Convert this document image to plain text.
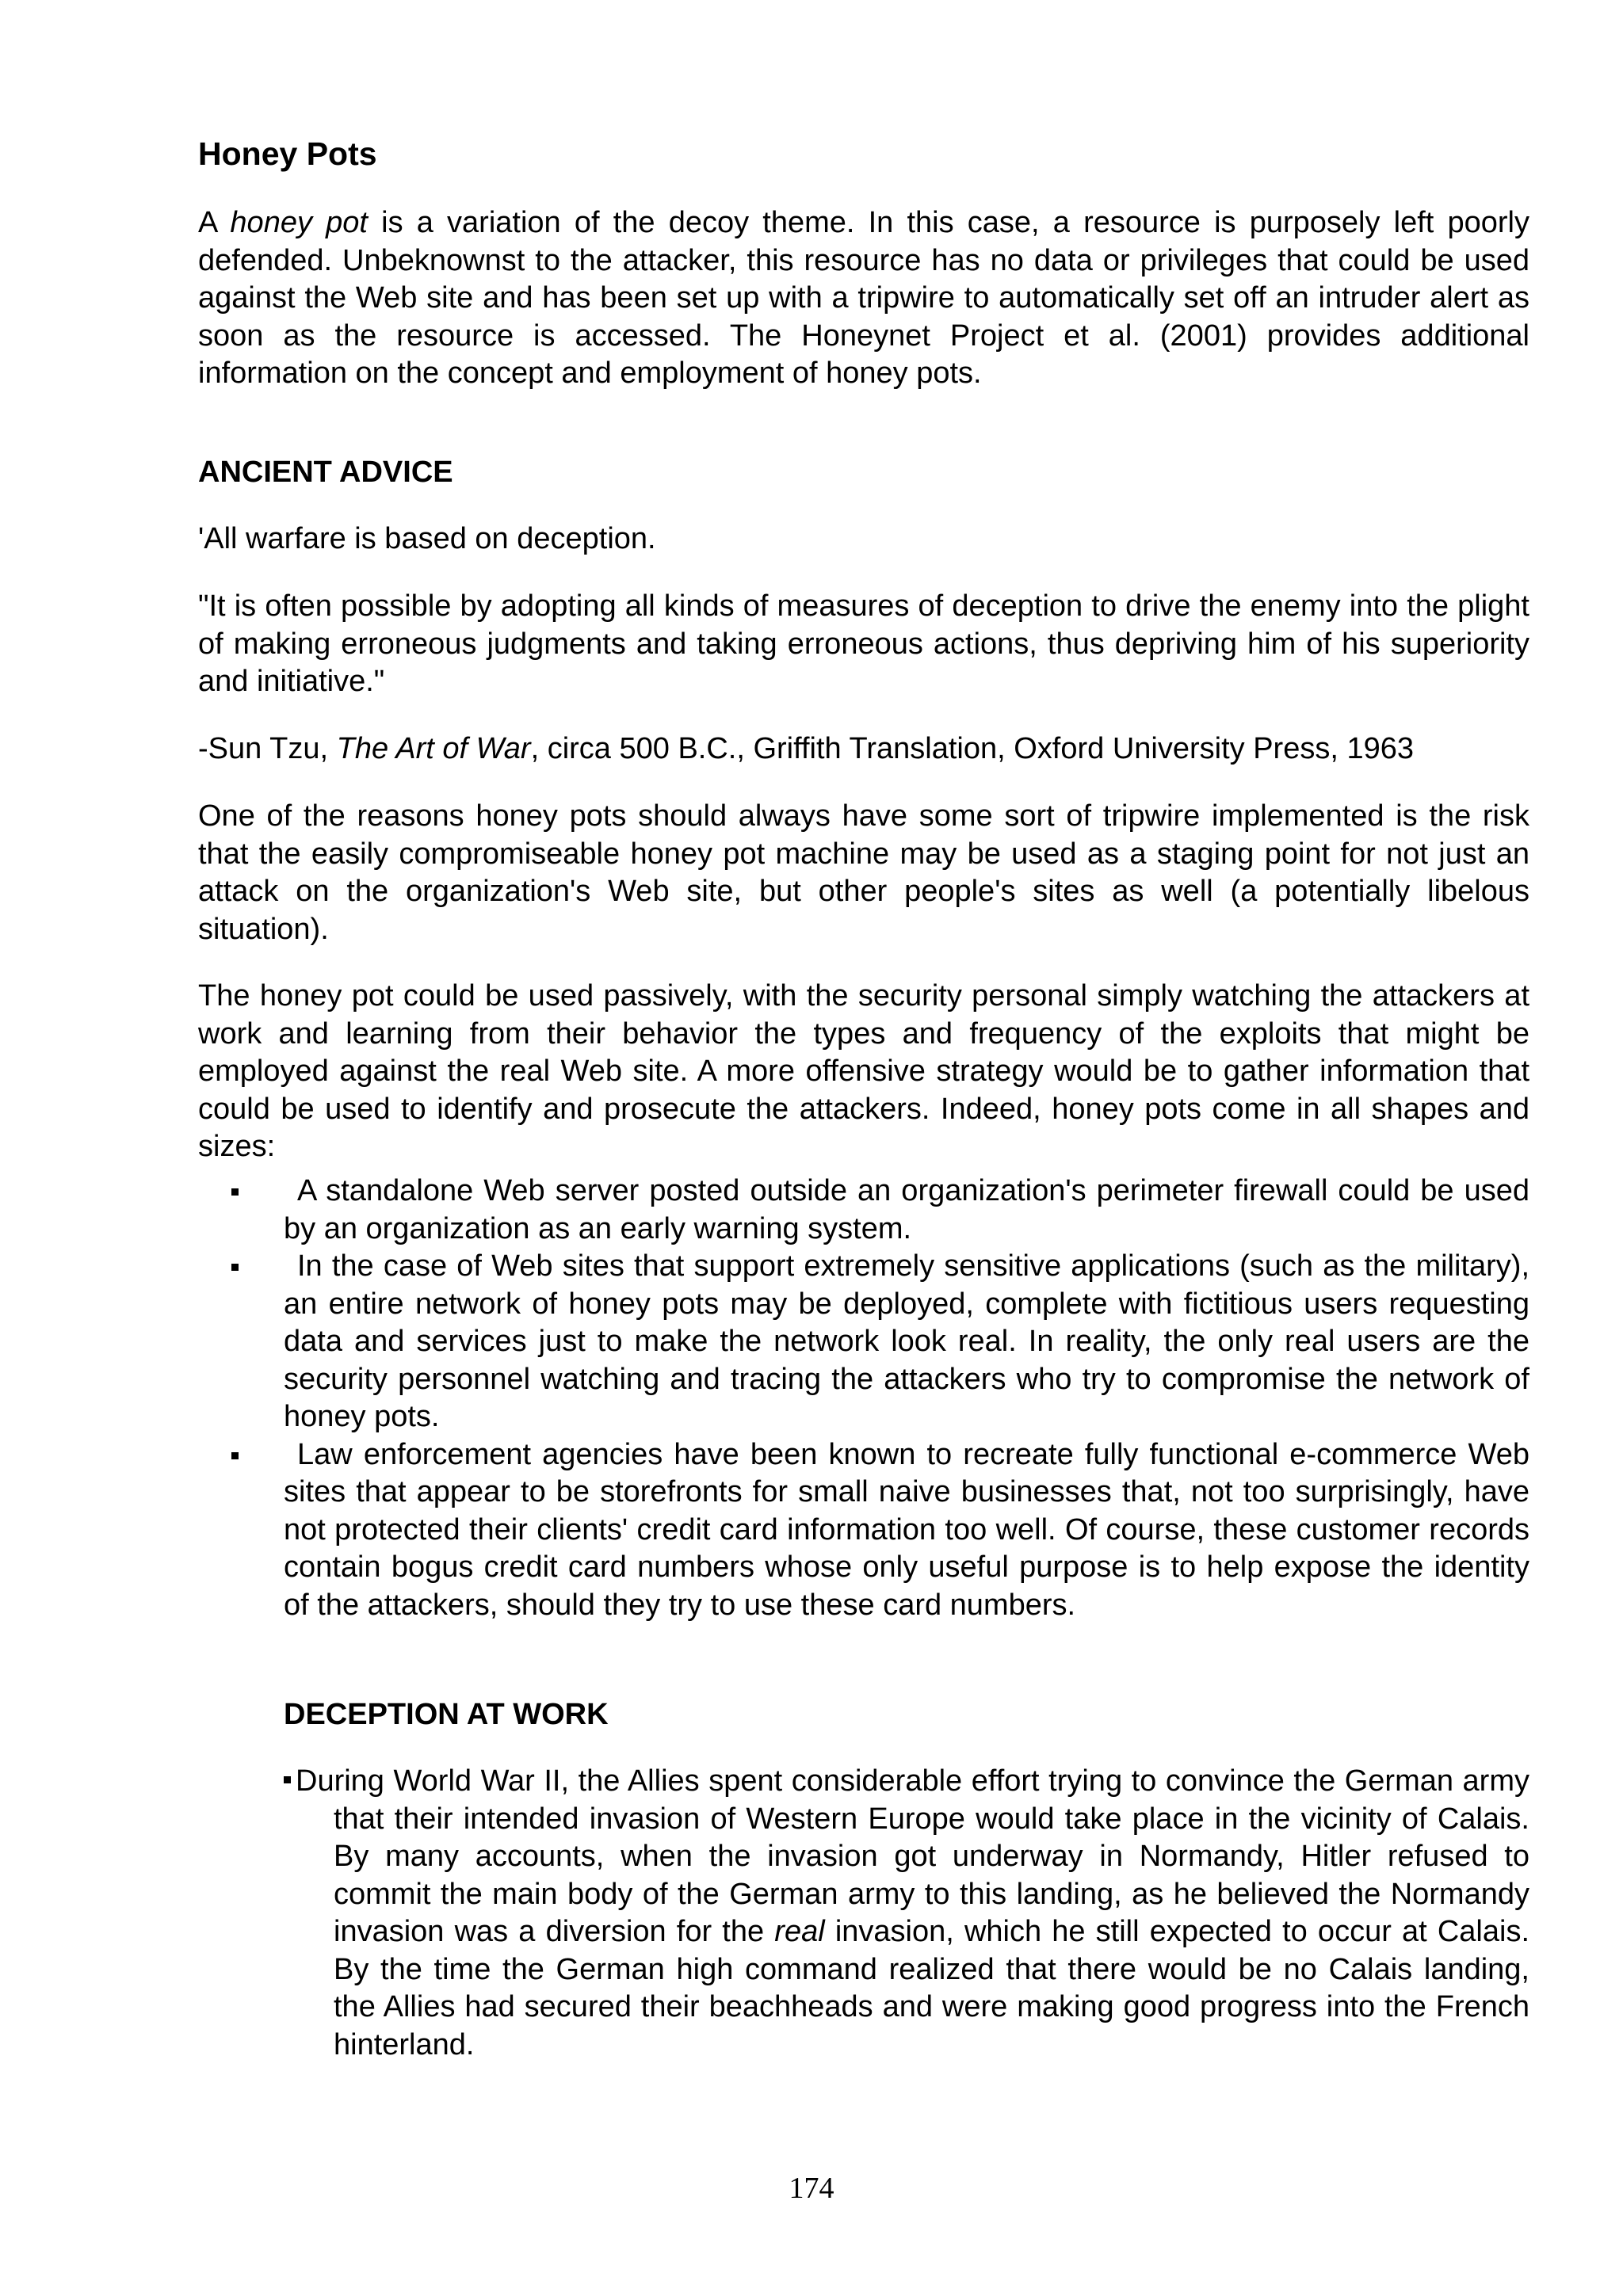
Honey Pots
A honey pot is a variation of the decoy theme. In this case, a resource is purposely left poorly defended. Unbeknownst to the attacker, this resource has no data or privileges that could be used against the Web site and has been set up with a tripwire to automatically set off an intruder alert as soon as the resource is accessed. The Honeynet Project et al. (2001) provides additional information on the concept and employment of honey pots.
ANCIENT ADVICE
'All warfare is based on deception.
"It is often possible by adopting all kinds of measures of deception to drive the enemy into the plight of making erroneous judgments and taking erroneous actions, thus depriving him of his superiority and initiative."
-Sun Tzu, The Art of War, circa 500 B.C., Griffith Translation, Oxford University Press, 1963
One of the reasons honey pots should always have some sort of tripwire implemented is the risk that the easily compromiseable honey pot machine may be used as a staging point for not just an attack on the organization's Web site, but other people's sites as well (a potentially libelous situation).
The honey pot could be used passively, with the security personal simply watching the attackers at work and learning from their behavior the types and frequency of the exploits that might be employed against the real Web site. A more offensive strategy would be to gather information that could be used to identify and prosecute the attackers. Indeed, honey pots come in all shapes and sizes:
A standalone Web server posted outside an organization's perimeter firewall could be used by an organization as an early warning system.
In the case of Web sites that support extremely sensitive applications (such as the military), an entire network of honey pots may be deployed, complete with fictitious users requesting data and services just to make the network look real. In reality, the only real users are the security personnel watching and tracing the attackers who try to compromise the network of honey pots.
Law enforcement agencies have been known to recreate fully functional e-commerce Web sites that appear to be storefronts for small naive businesses that, not too surprisingly, have not protected their clients' credit card information too well. Of course, these customer records contain bogus credit card numbers whose only useful purpose is to help expose the identity of the attackers, should they try to use these card numbers.
DECEPTION AT WORK
During World War II, the Allies spent considerable effort trying to convince the German army that their intended invasion of Western Europe would take place in the vicinity of Calais. By many accounts, when the invasion got underway in Normandy, Hitler refused to commit the main body of the German army to this landing, as he believed the Normandy invasion was a diversion for the real invasion, which he still expected to occur at Calais. By the time the German high command realized that there would be no Calais landing, the Allies had secured their beachheads and were making good progress into the French hinterland.
174
